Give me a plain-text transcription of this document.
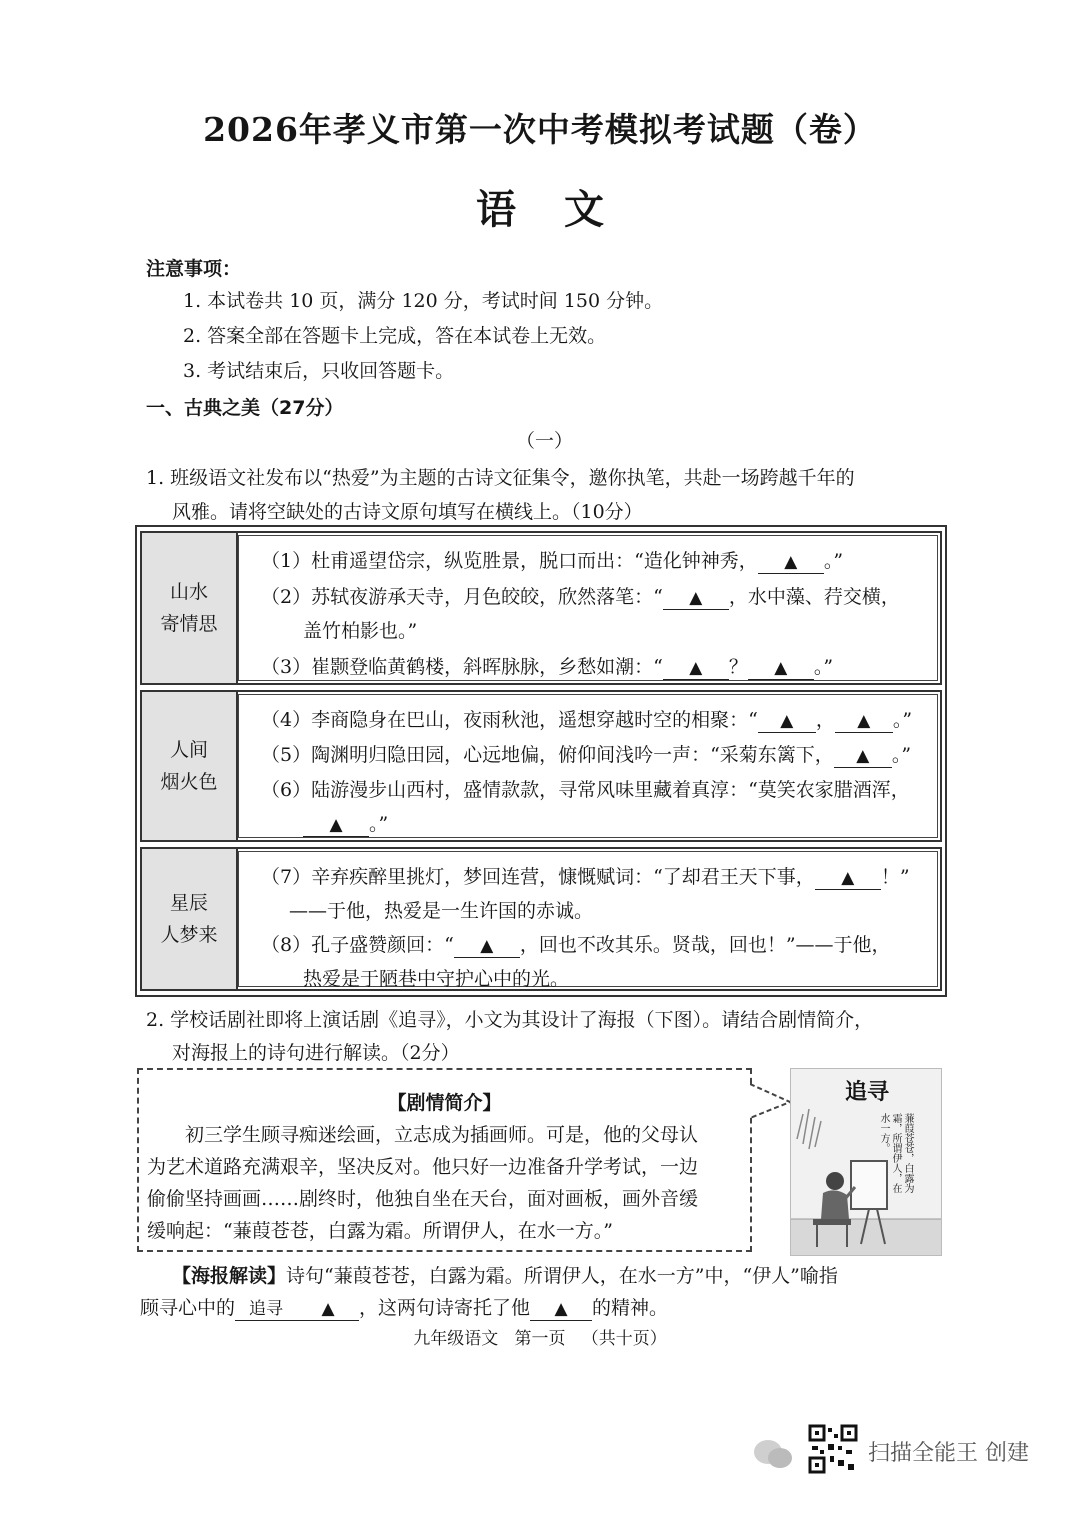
2026年孝义市第一次中考模拟考试题（卷）
语文
注意事项：
1. 本试卷共 10 页，满分 120 分，考试时间 150 分钟。
2. 答案全部在答题卡上完成，答在本试卷上无效。
3. 考试结束后，只收回答题卡。
一、古典之美（27分）
（一）
1. 班级语文社发布以“热爱”为主题的古诗文征集令，邀你执笔，共赴一场跨越千年的
风雅。请将空缺处的古诗文原句填写在横线上。（10分）
山水
寄情思
（1）杜甫遥望岱宗，纵览胜景，脱口而出：“造化钟神秀， ▲ 。”
（2）苏轼夜游承天寺，月色皎皎，欣然落笔：“ ▲ ，水中藻、荇交横，
盖竹柏影也。”
（3）崔颢登临黄鹤楼，斜晖脉脉，乡愁如潮：“ ▲ ？ ▲ 。”
人间
烟火色
（4）李商隐身在巴山，夜雨秋池，遥想穿越时空的相聚：“ ▲ ， ▲ 。”
（5）陶渊明归隐田园，心远地偏，俯仰间浅吟一声：“采菊东篱下， ▲ 。”
（6）陆游漫步山西村，盛情款款，寻常风味里藏着真淳：“莫笑农家腊酒浑，
▲ 。”
星辰
人梦来
（7）辛弃疾醉里挑灯，梦回连营，慷慨赋词：“了却君王天下事， ▲ ！”
——于他，热爱是一生许国的赤诚。
（8）孔子盛赞颜回：“ ▲ ，回也不改其乐。贤哉，回也！”——于他，
热爱是于陋巷中守护心中的光。
2. 学校话剧社即将上演话剧《追寻》，小文为其设计了海报（下图）。请结合剧情简介，
对海报上的诗句进行解读。（2分）
【剧情简介】
初三学生顾寻痴迷绘画，立志成为插画师。可是，他的父母认
为艺术道路充满艰辛，坚决反对。他只好一边准备升学考试，一边
偷偷坚持画画……剧终时，他独自坐在天台，面对画板，画外音缓
缓响起：“蒹葭苍苍，白露为霜。所谓伊人，在水一方。”
追寻
蒹葭苍苍，白露为霜，所谓伊人，在水一方。
【海报解读】诗句“蒹葭苍苍，白露为霜。所谓伊人，在水一方”中，“伊人”喻指
顾寻心中的 追寻 ▲ ，这两句诗寄托了他 ▲ 的精神。
九年级语文   第一页   （共十页）
扫描全能王 创建
